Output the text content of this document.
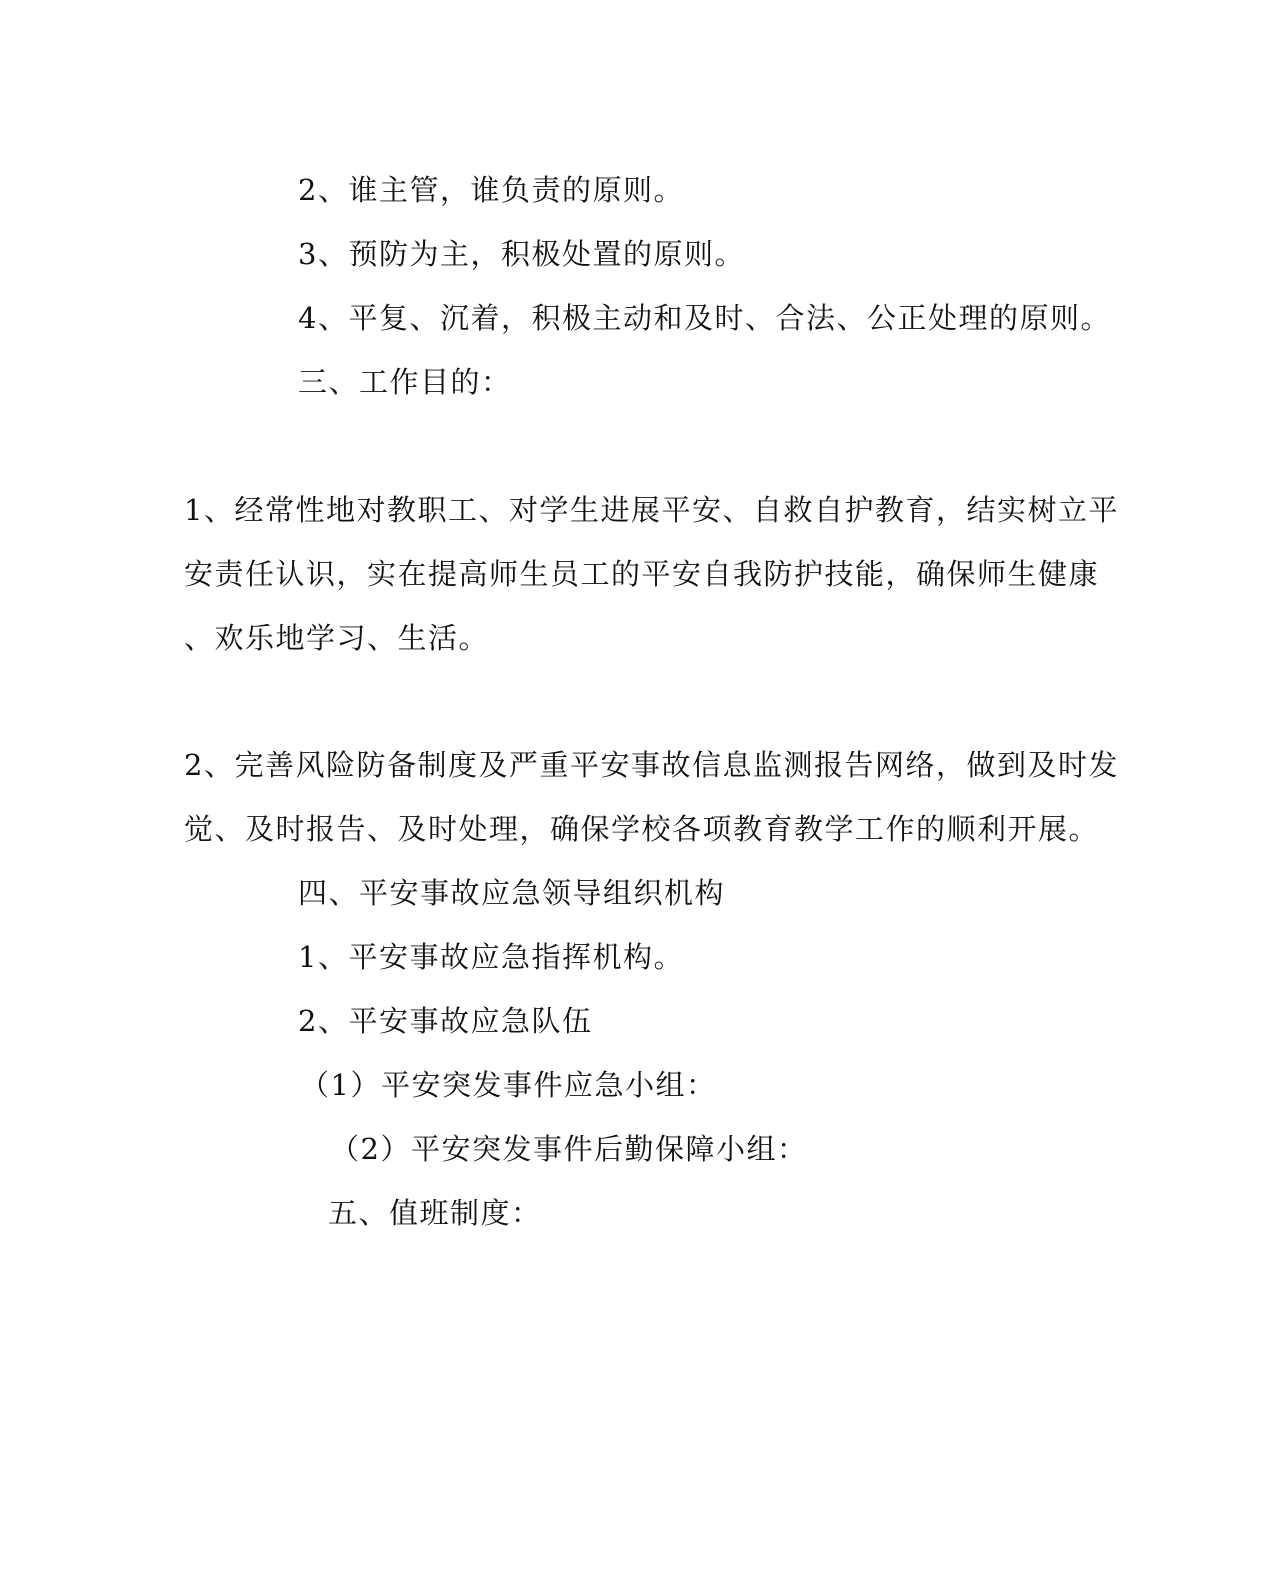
2、谁主管，谁负责的原则。
3、预防为主，积极处置的原则。
4、平复、沉着，积极主动和及时、合法、公正处理的原则。
三、工作目的：
1、经常性地对教职工、对学生进展平安、自救自护教育，结实树立平
安责任认识，实在提高师生员工的平安自我防护技能，确保师生健康
、欢乐地学习、生活。
2、完善风险防备制度及严重平安事故信息监测报告网络，做到及时发
觉、及时报告、及时处理，确保学校各项教育教学工作的顺利开展。
四、平安事故应急领导组织机构
1、平安事故应急指挥机构。
2、平安事故应急队伍
（1）平安突发事件应急小组：
（2）平安突发事件后勤保障小组：
五、值班制度：
